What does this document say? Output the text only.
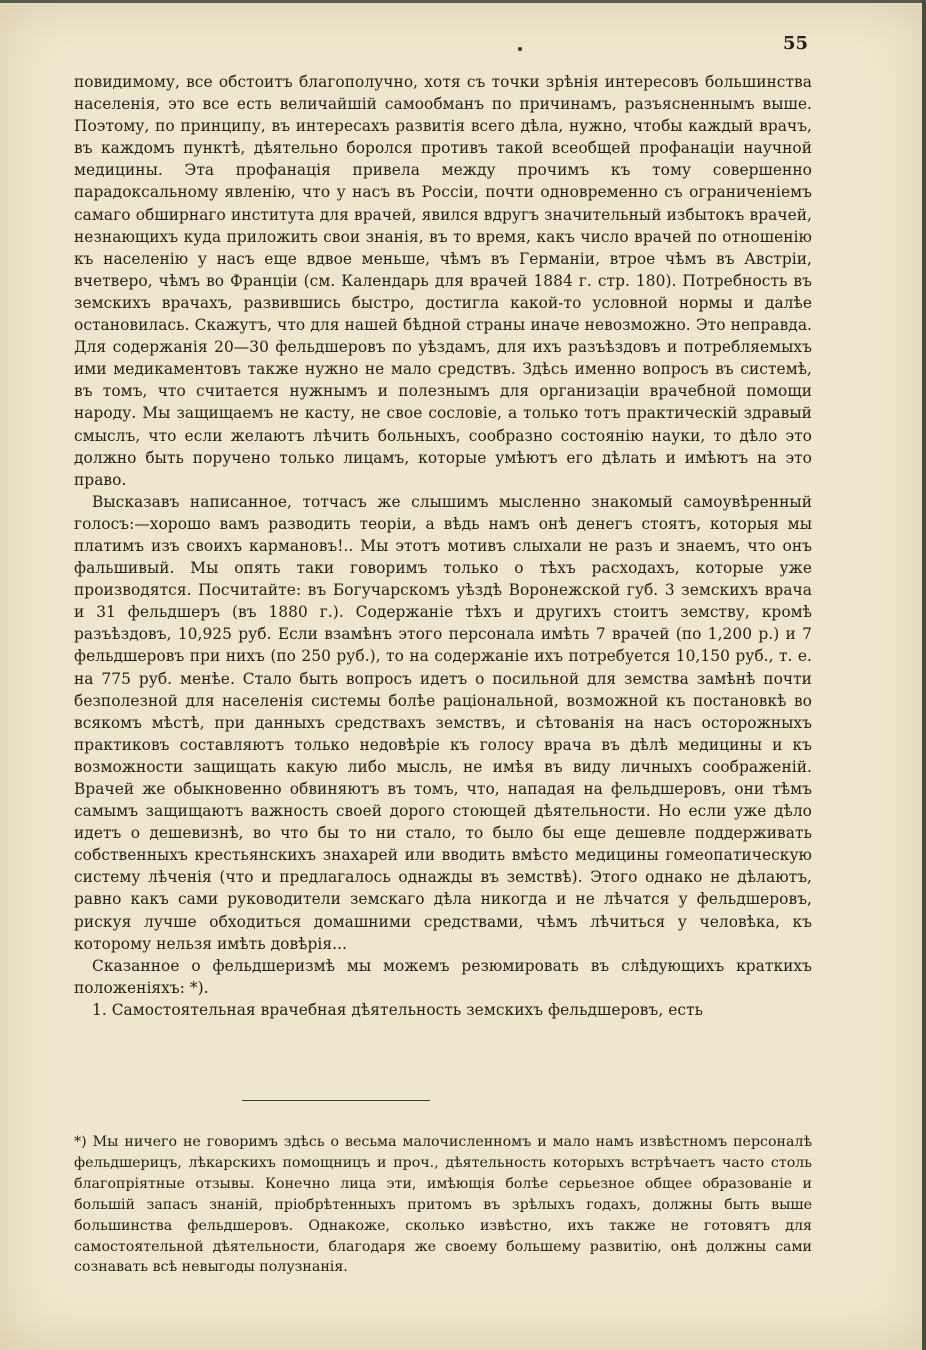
55

повидимому, все обстоитъ благополучно, хотя съ точки зрѣнія интересовъ большинства населенія, это все есть величайшій самообманъ по причинамъ, разъясненнымъ выше. Поэтому, по принципу, въ интересахъ развитія всего дѣла, нужно, чтобы каждый врачъ, въ каждомъ пунктѣ, дѣятельно боролся противъ такой всеобщей профанаціи научной медицины. Эта профанація привела между прочимъ къ тому совершенно парадоксальному явленію, что у насъ въ Россіи, почти одновременно съ ограниченіемъ самаго обширнаго института для врачей, явился вдругъ значительный избытокъ врачей, незнающихъ куда приложить свои знанія, въ то время, какъ число врачей по отношенію къ населенію у насъ еще вдвое меньше, чѣмъ въ Германіи, втрое чѣмъ въ Австріи, вчетверо, чѣмъ во Франціи (см. Календарь для врачей 1884 г. стр. 180). Потребность въ земскихъ врачахъ, развившись быстро, достигла какой-то условной нормы и далѣе остановилась. Скажутъ, что для нашей бѣдной страны иначе невозможно. Это неправда. Для содержанія 20—30 фельдшеровъ по уѣздамъ, для ихъ разъѣздовъ и потребляемыхъ ими медикаментовъ также нужно не мало средствъ. Здѣсь именно вопросъ въ системѣ, въ томъ, что считается нужнымъ и полезнымъ для организаціи врачебной помощи народу. Мы защищаемъ не касту, не свое сословіе, а только тотъ практическій здравый смыслъ, что если желаютъ лѣчить больныхъ, сообразно состоянію науки, то дѣло это должно быть поручено только лицамъ, которые умѣютъ его дѣлать и имѣютъ на это право.

Высказавъ написанное, тотчасъ же слышимъ мысленно знакомый самоувѣренный голосъ:—хорошо вамъ разводить теоріи, а вѣдь намъ онѣ денегъ стоятъ, которыя мы платимъ изъ своихъ кармановъ!.. Мы этотъ мотивъ слыхали не разъ и знаемъ, что онъ фальшивый. Мы опять таки говоримъ только о тѣхъ расходахъ, которые уже производятся. Посчитайте: въ Богучарскомъ уѣздѣ Воронежской губ. 3 земскихъ врача и 31 фельдшеръ (въ 1880 г.). Содержаніе тѣхъ и другихъ стоитъ земству, кромѣ разъѣздовъ, 10,925 руб. Если взамѣнъ этого персонала имѣть 7 врачей (по 1,200 р.) и 7 фельдшеровъ при нихъ (по 250 руб.), то на содержаніе ихъ потребуется 10,150 руб., т. е. на 775 руб. менѣе. Стало быть вопросъ идетъ о посильной для земства замѣнѣ почти безполезной для населенія системы болѣе раціональной, возможной къ постановкѣ во всякомъ мѣстѣ, при данныхъ средствахъ земствъ, и сѣтованія на насъ осторожныхъ практиковъ составляютъ только недовѣріе къ голосу врача въ дѣлѣ медицины и къ возможности защищать какую либо мысль, не имѣя въ виду личныхъ соображеній. Врачей же обыкновенно обвиняютъ въ томъ, что, нападая на фельдшеровъ, они тѣмъ самымъ защищаютъ важность своей дорого стоющей дѣятельности. Но если уже дѣло идетъ о дешевизнѣ, во что бы то ни стало, то было бы еще дешевле поддерживать собственныхъ крестьянскихъ знахарей или вводить вмѣсто медицины гомеопатическую систему лѣченія (что и предлагалось однажды въ земствѣ). Этого однако не дѣлаютъ, равно какъ сами руководители земскаго дѣла никогда и не лѣчатся у фельдшеровъ, рискуя лучше обходиться домашними средствами, чѣмъ лѣчиться у человѣка, къ которому нельзя имѣть довѣрія...

Сказанное о фельдшеризмѣ мы можемъ резюмировать въ слѣдующихъ краткихъ положеніяхъ: *).

1. Самостоятельная врачебная дѣятельность земскихъ фельдшеровъ, есть

*) Мы ничего не говоримъ здѣсь о весьма малочисленномъ и мало намъ извѣстномъ персоналѣ фельдшерицъ, лѣкарскихъ помощницъ и проч., дѣятельность которыхъ встрѣчаетъ часто столь благопріятные отзывы. Конечно лица эти, имѣющія болѣе серьезное общее образованіе и большій запасъ знаній, пріобрѣтенныхъ притомъ въ зрѣлыхъ годахъ, должны быть выше большинства фельдшеровъ. Однакоже, сколько извѣстно, ихъ также не готовятъ для самостоятельной дѣятельности, благодаря же своему большему развитію, онѣ должны сами сознавать всѣ невыгоды полузнанія.
